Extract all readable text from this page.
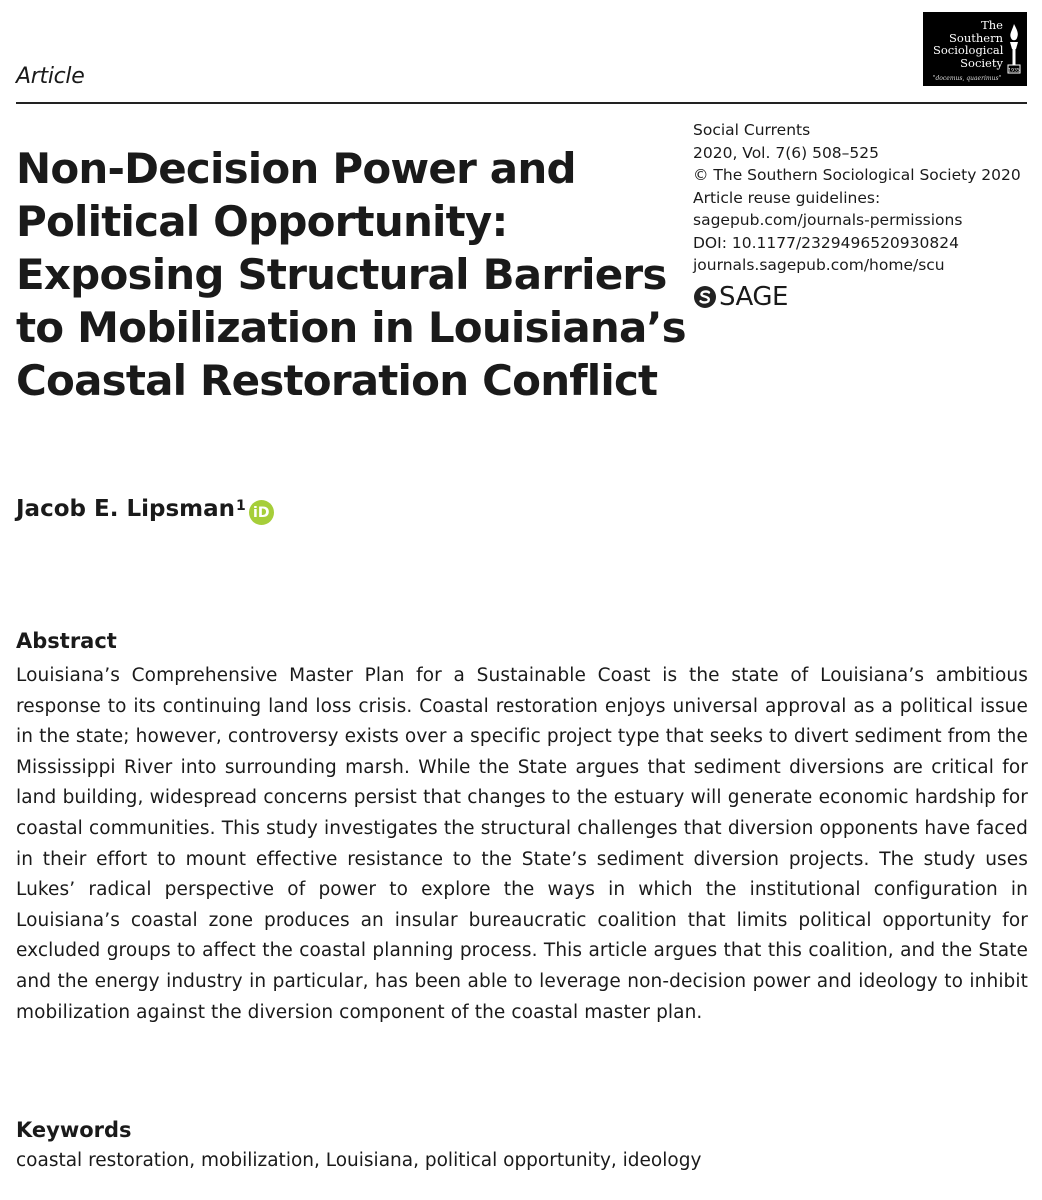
Article
The
Southern
Sociological
Society
1935
"docemus, quaerimus"
Social Currents
2020, Vol. 7(6) 508–525
© The Southern Sociological Society 2020
Article reuse guidelines:
sagepub.com/journals-permissions
DOI: 10.1177/2329496520930824
journals.sagepub.com/home/scu
SAGE
Non-Decision Power and
Political Opportunity:
Exposing Structural Barriers
to Mobilization in Louisiana’s
Coastal Restoration Conflict
Jacob E. Lipsman 1 iD
Abstract

Louisiana’s Comprehensive Master Plan for a Sustainable Coast is the state of Louisiana’s ambitious response to its continuing land loss crisis. Coastal restoration enjoys universal approval as a political issue in the state; however, controversy exists over a specific project type that seeks to divert sediment from the Mississippi River into surrounding marsh. While the State argues that sediment diversions are critical for land building, widespread concerns persist that changes to the estuary will generate economic hardship for coastal communities. This study investigates the structural challenges that diversion opponents have faced in their effort to mount effective resistance to the State’s sediment diversion projects. The study uses Lukes’ radical perspective of power to explore the ways in which the institutional configuration in Louisiana’s coastal zone produces an insular bureaucratic coalition that limits political opportunity for excluded groups to affect the coastal planning process. This article argues that this coalition, and the State and the energy industry in particular, has been able to leverage non-decision power and ideology to inhibit mobilization against the diversion component of the coastal master plan.

Keywords
coastal restoration, mobilization, Louisiana, political opportunity, ideology
